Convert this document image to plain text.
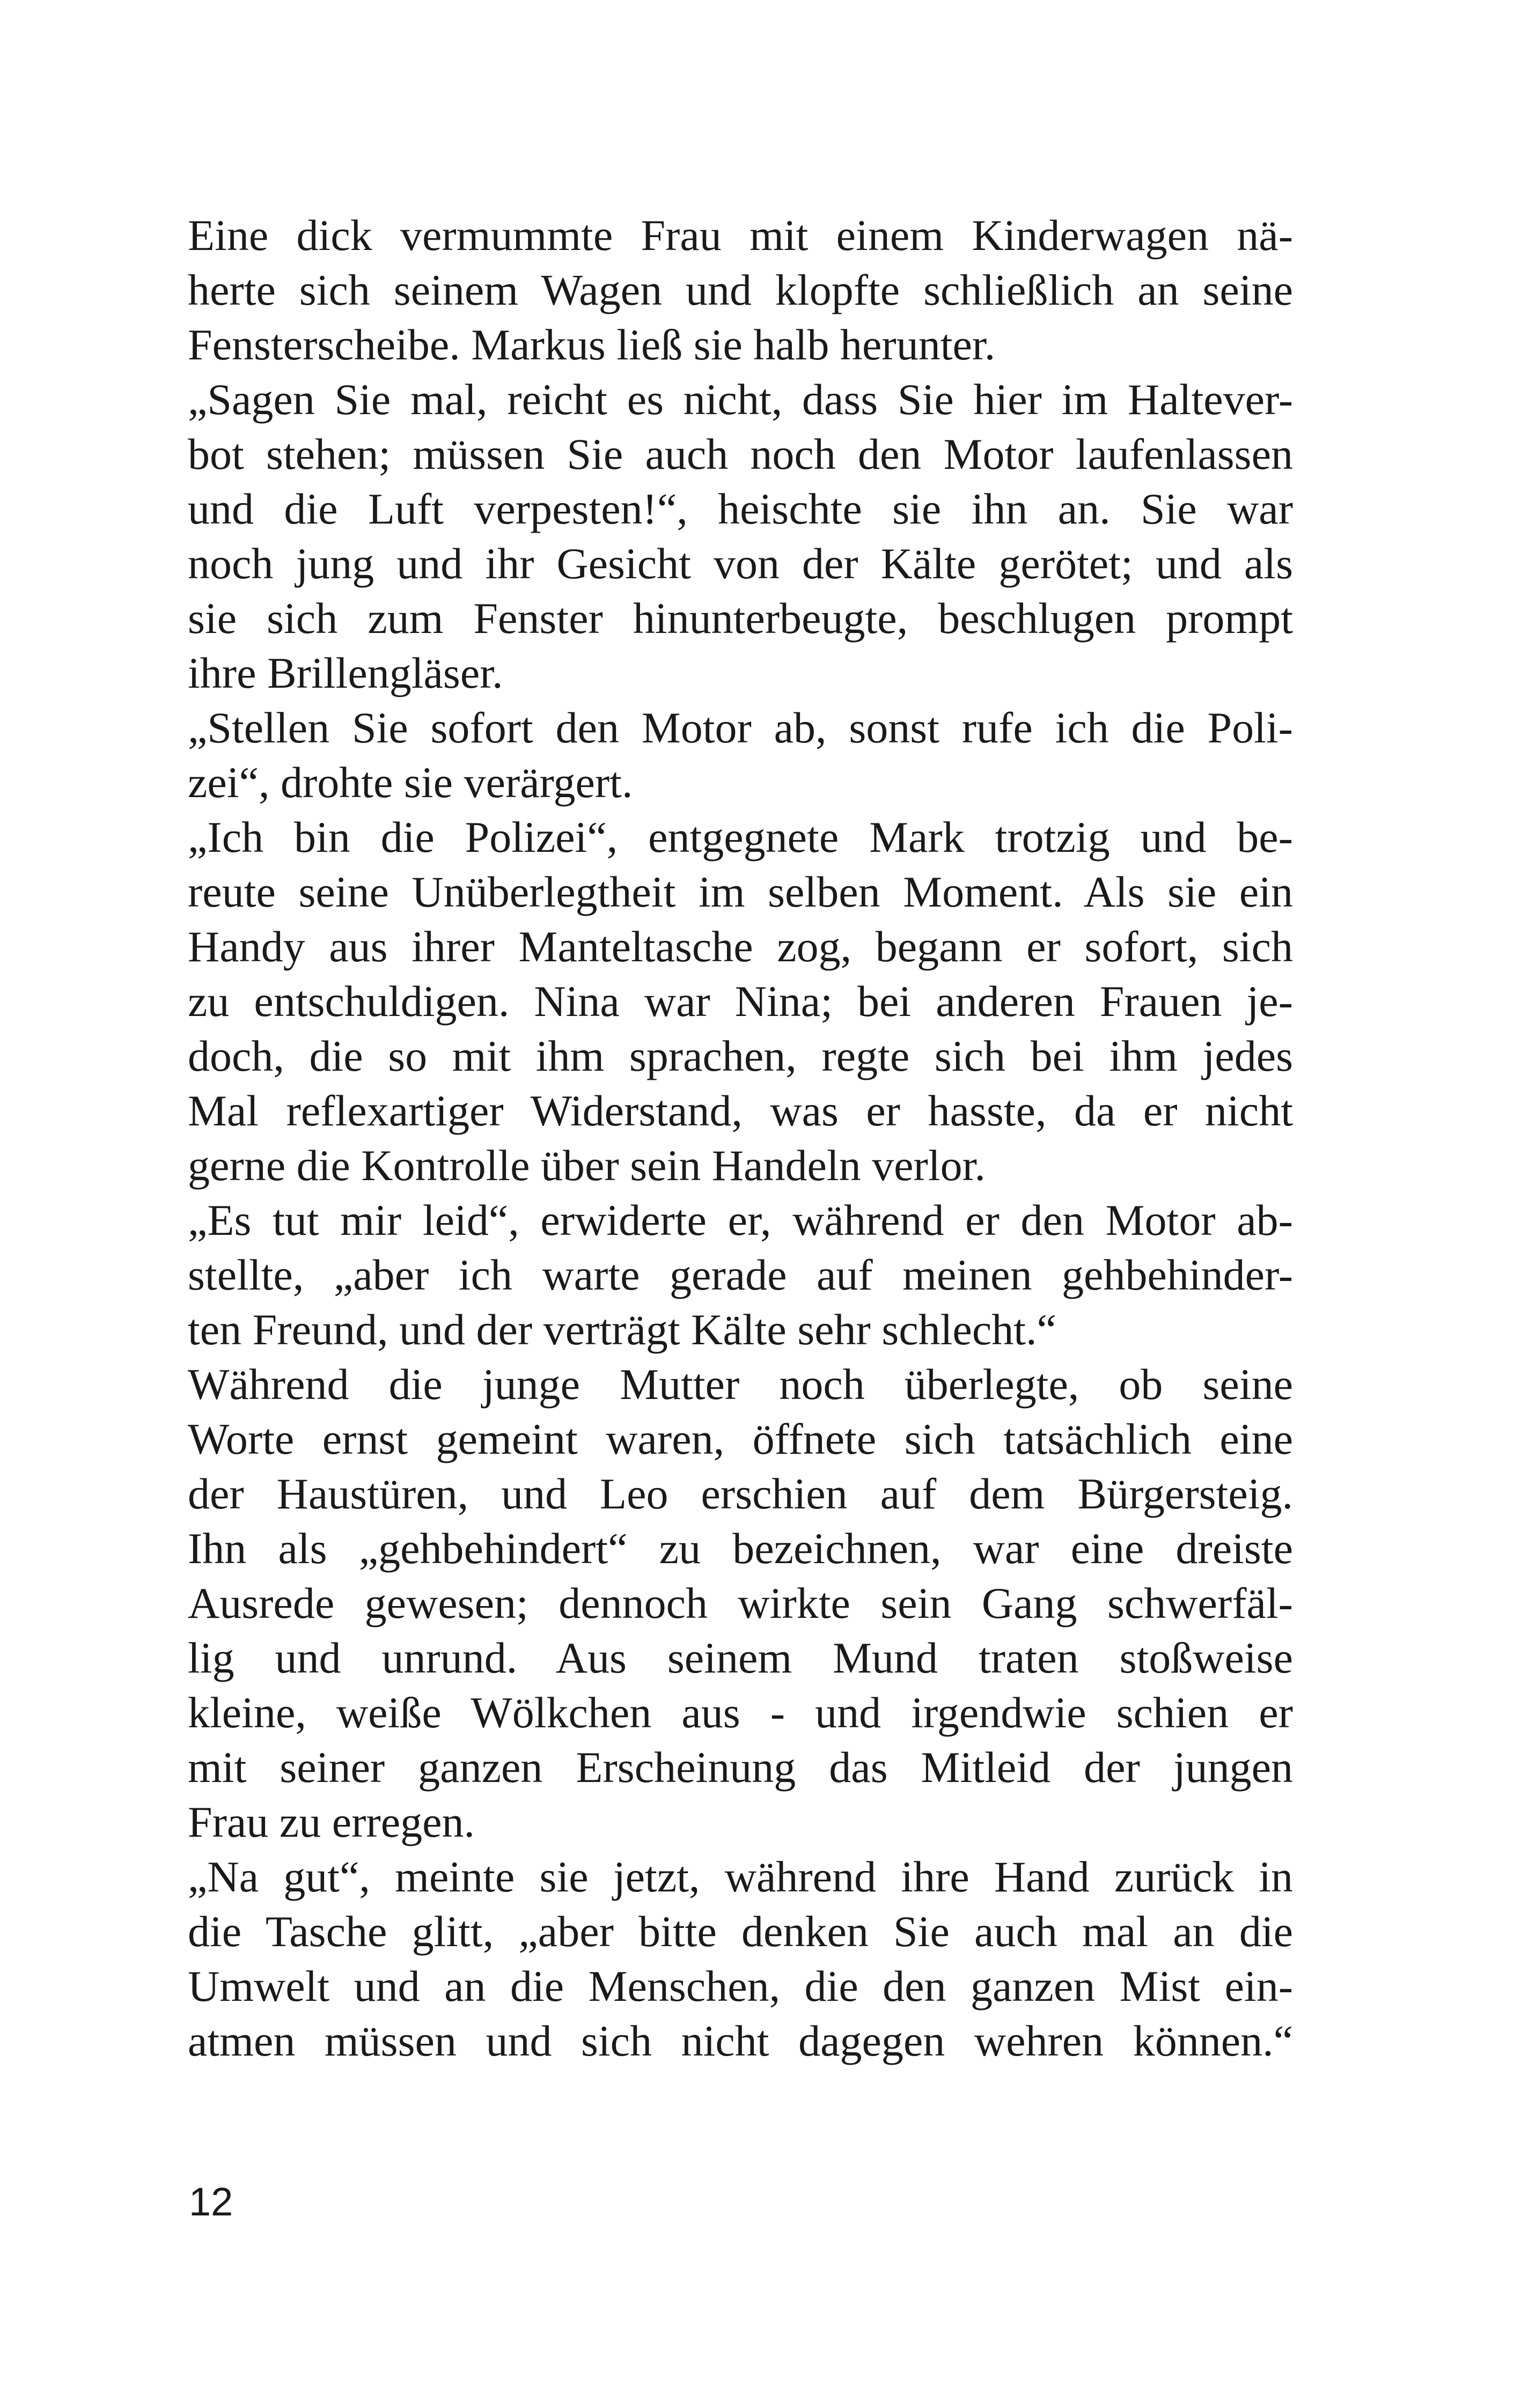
Eine dick vermummte Frau mit einem Kinderwagen nä-
herte sich seinem Wagen und klopfte schließlich an seine
Fensterscheibe. Markus ließ sie halb herunter.
„Sagen Sie mal, reicht es nicht, dass Sie hier im Haltever-
bot stehen; müssen Sie auch noch den Motor laufenlassen
und die Luft verpesten!“, heischte sie ihn an. Sie war
noch jung und ihr Gesicht von der Kälte gerötet; und als
sie sich zum Fenster hinunterbeugte, beschlugen prompt
ihre Brillengläser.
„Stellen Sie sofort den Motor ab, sonst rufe ich die Poli-
zei“, drohte sie verärgert.
„Ich bin die Polizei“, entgegnete Mark trotzig und be-
reute seine Unüberlegtheit im selben Moment. Als sie ein
Handy aus ihrer Manteltasche zog, begann er sofort, sich
zu entschuldigen. Nina war Nina; bei anderen Frauen je-
doch, die so mit ihm sprachen, regte sich bei ihm jedes
Mal reflexartiger Widerstand, was er hasste, da er nicht
gerne die Kontrolle über sein Handeln verlor.
„Es tut mir leid“, erwiderte er, während er den Motor ab-
stellte, „aber ich warte gerade auf meinen gehbehinder-
ten Freund, und der verträgt Kälte sehr schlecht.“
Während die junge Mutter noch überlegte, ob seine
Worte ernst gemeint waren, öffnete sich tatsächlich eine
der Haustüren, und Leo erschien auf dem Bürgersteig.
Ihn als „gehbehindert“ zu bezeichnen, war eine dreiste
Ausrede gewesen; dennoch wirkte sein Gang schwerfäl-
lig und unrund. Aus seinem Mund traten stoßweise
kleine, weiße Wölkchen aus - und irgendwie schien er
mit seiner ganzen Erscheinung das Mitleid der jungen
Frau zu erregen.
„Na gut“, meinte sie jetzt, während ihre Hand zurück in
die Tasche glitt, „aber bitte denken Sie auch mal an die
Umwelt und an die Menschen, die den ganzen Mist ein-
atmen müssen und sich nicht dagegen wehren können.“
12
